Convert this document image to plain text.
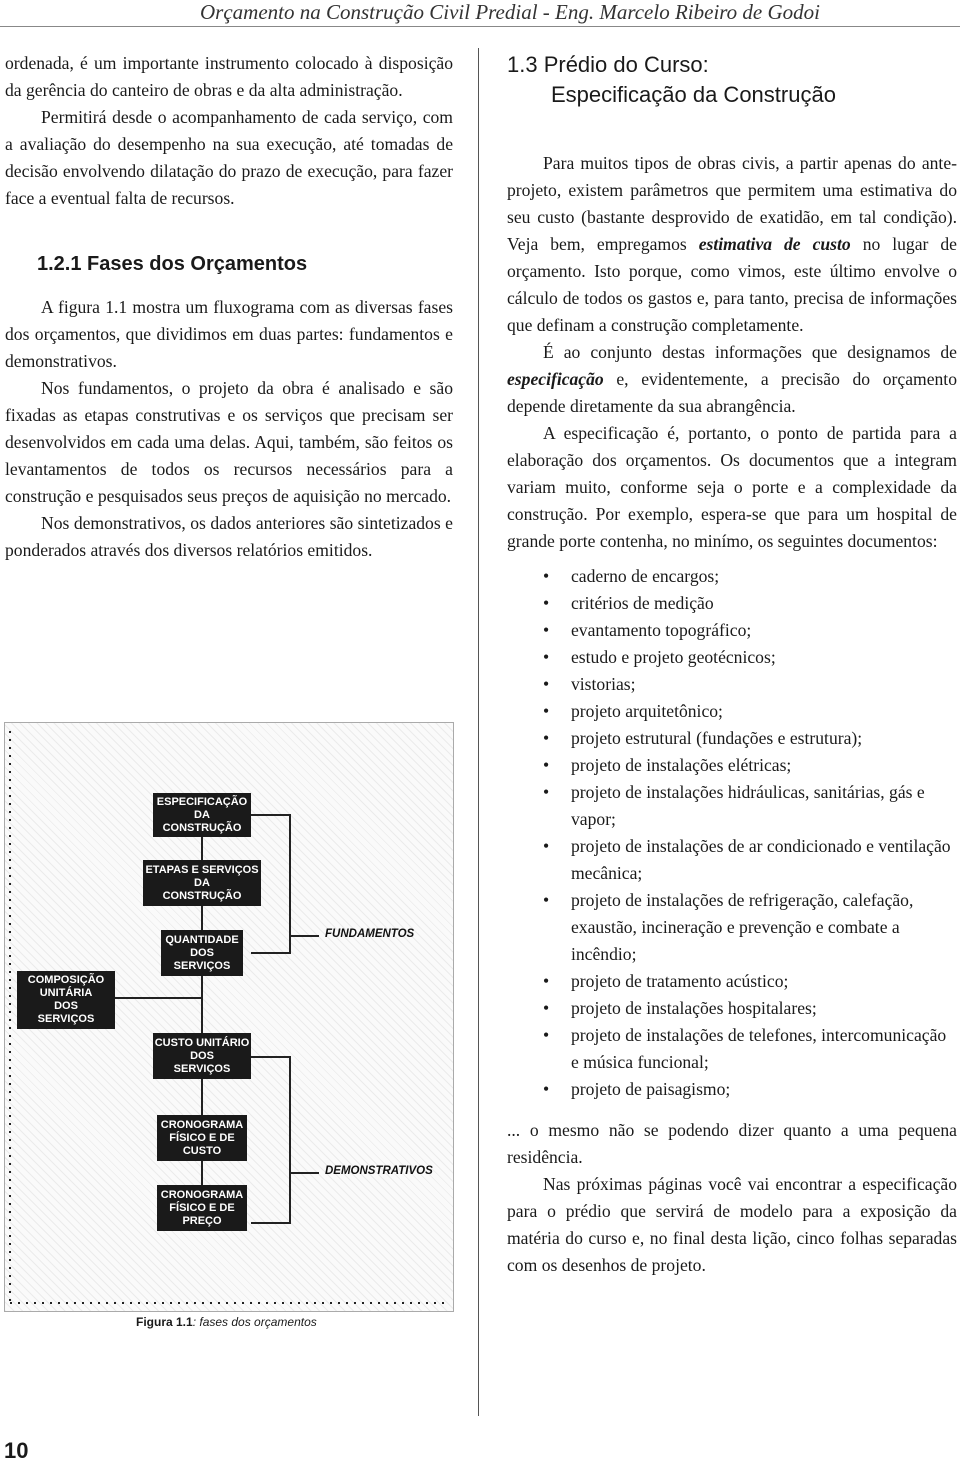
Orçamento na Construção Civil Predial - Eng. Marcelo Ribeiro de Godoi

ordenada, é um importante instrumento colocado à disposição da gerência do canteiro de obras e da alta administração.

Permitirá desde o acompanhamento de cada serviço, com a avaliação do desempenho na sua execução, até tomadas de decisão envolvendo dilatação do prazo de execução, para fazer face a eventual falta de recursos.

1.2.1 Fases dos Orçamentos

A figura 1.1 mostra um fluxograma com as diversas fases dos orçamentos, que dividimos em duas partes: fundamentos e demonstrativos.

Nos fundamentos, o projeto da obra é analisado e são fixadas as etapas construtivas e os serviços que precisam ser desenvolvidos em cada uma delas. Aqui, também, são feitos os levantamentos de todos os recursos necessários para a construção e pesquisados seus preços de aquisição no mercado.

Nos demonstrativos, os dados anteriores são sintetizados e ponderados através dos diversos relatórios emitidos.

ESPECIFICAÇÃO
DA
CONSTRUÇÃO
ETAPAS E SERVIÇOS
DA
CONSTRUÇÃO
QUANTIDADE
DOS
SERVIÇOS
COMPOSIÇÃO
UNITÁRIA
DOS
SERVIÇOS
CUSTO UNITÁRIO
DOS
SERVIÇOS
CRONOGRAMA
FÍSICO E DE
CUSTO
CRONOGRAMA
FÍSICO E DE
PREÇO
FUNDAMENTOS
DEMONSTRATIVOS
Figura 1.1: fases dos orçamentos
1.3 Prédio do Curso:
Especificação da Construção

Para muitos tipos de obras civis, a partir apenas do ante-projeto, existem parâmetros que permitem uma estimativa do seu custo (bastante desprovido de exatidão, em tal condição). Veja bem, empregamos estimativa de custo no lugar de orçamento. Isto porque, como vimos, este último envolve o cálculo de todos os gastos e, para tanto, precisa de informações que definam a construção completamente.

É ao conjunto destas informações que designamos de especificação e, evidentemente, a precisão do orçamento depende diretamente da sua abrangência.

A especificação é, portanto, o ponto de partida para a elaboração dos orçamentos. Os documentos que a integram variam muito, conforme seja o porte e a complexidade da construção. Por exemplo, espera-se que para um hospital de grande porte contenha, no minímo, os seguintes documentos:

• caderno de encargos;
• critérios de medição
• evantamento topográfico;
• estudo e projeto geotécnicos;
• vistorias;
• projeto arquitetônico;
• projeto estrutural (fundações e estrutura);
• projeto de instalações elétricas;
• projeto de instalações hidráulicas, sanitárias, gás e vapor;
• projeto de instalações de ar condicionado e ventilação mecânica;
• projeto de instalações de refrigeração, calefação, exaustão, incineração e prevenção e combate a incêndio;
• projeto de tratamento acústico;
• projeto de instalações hospitalares;
• projeto de instalações de telefones, intercomunicação e música funcional;
• projeto de paisagismo;

... o mesmo não se podendo dizer quanto a uma pequena residência.

Nas próximas páginas você vai encontrar a especificação para o prédio que servirá de modelo para a exposição da matéria do curso e, no final desta lição, cinco folhas separadas com os desenhos de projeto.

10
